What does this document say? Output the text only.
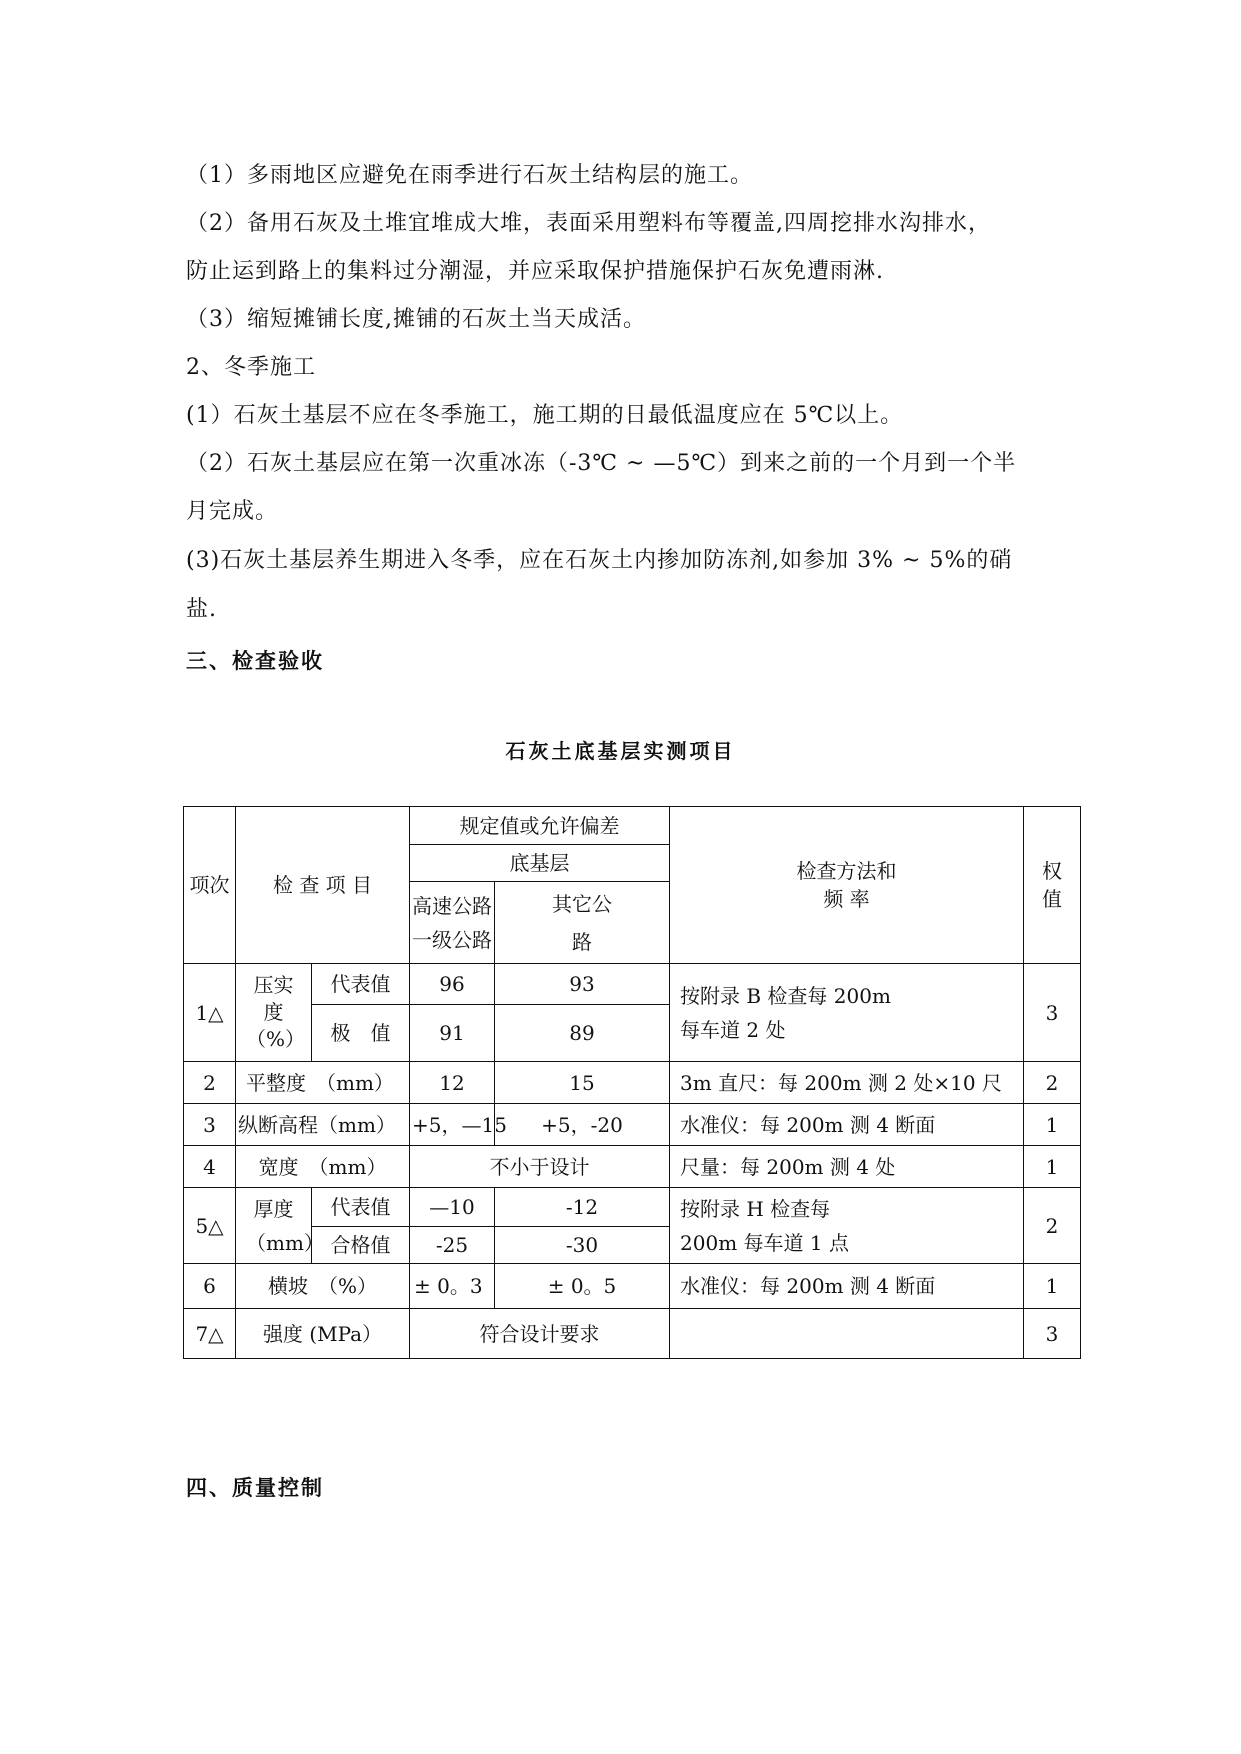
（1）多雨地区应避免在雨季进行石灰土结构层的施工。
（2）备用石灰及土堆宜堆成大堆，表面采用塑料布等覆盖,四周挖排水沟排水，
防止运到路上的集料过分潮湿，并应采取保护措施保护石灰免遭雨淋.
（3）缩短摊铺长度,摊铺的石灰土当天成活。
2、冬季施工
(1）石灰土基层不应在冬季施工，施工期的日最低温度应在 5℃以上。
（2）石灰土基层应在第一次重冰冻（-3℃ ~ —5℃）到来之前的一个月到一个半
月完成。
(3)石灰土基层养生期进入冬季，应在石灰土内掺加防冻剂,如参加 3% ~ 5%的硝
盐.
三、检查验收
石灰土底基层实测项目
项次	检 查 项 目		规定值或允许偏差		检查方法和 频 率	权值
			底基层			
			高速公路一级公路	其它公路		
1△	压实度（%）	代表值	96	93	按附录 B 检查每 200m 每车道 2 处	3
		极　值	91	89		
2	平整度　（mm）		12	15	3m 直尺：每 200m 测 2 处×10 尺	2
3	纵断高程（mm）		+5，—15	+5，-20	水准仪：每 200m 测 4 断面	1
4	宽度　（mm）		不小于设计		尺量：每 200m 测 4 处	1
5△	厚度（mm）	代表值	—10	-12	按附录 H 检查每 200m 每车道 1 点	2
		合格值	-25	-30		
6	横坡　（%）		± 0。3	± 0。5	水准仪：每 200m 测 4 断面	1
7△	强度 (MPa）		符合设计要求			3
四、质量控制
